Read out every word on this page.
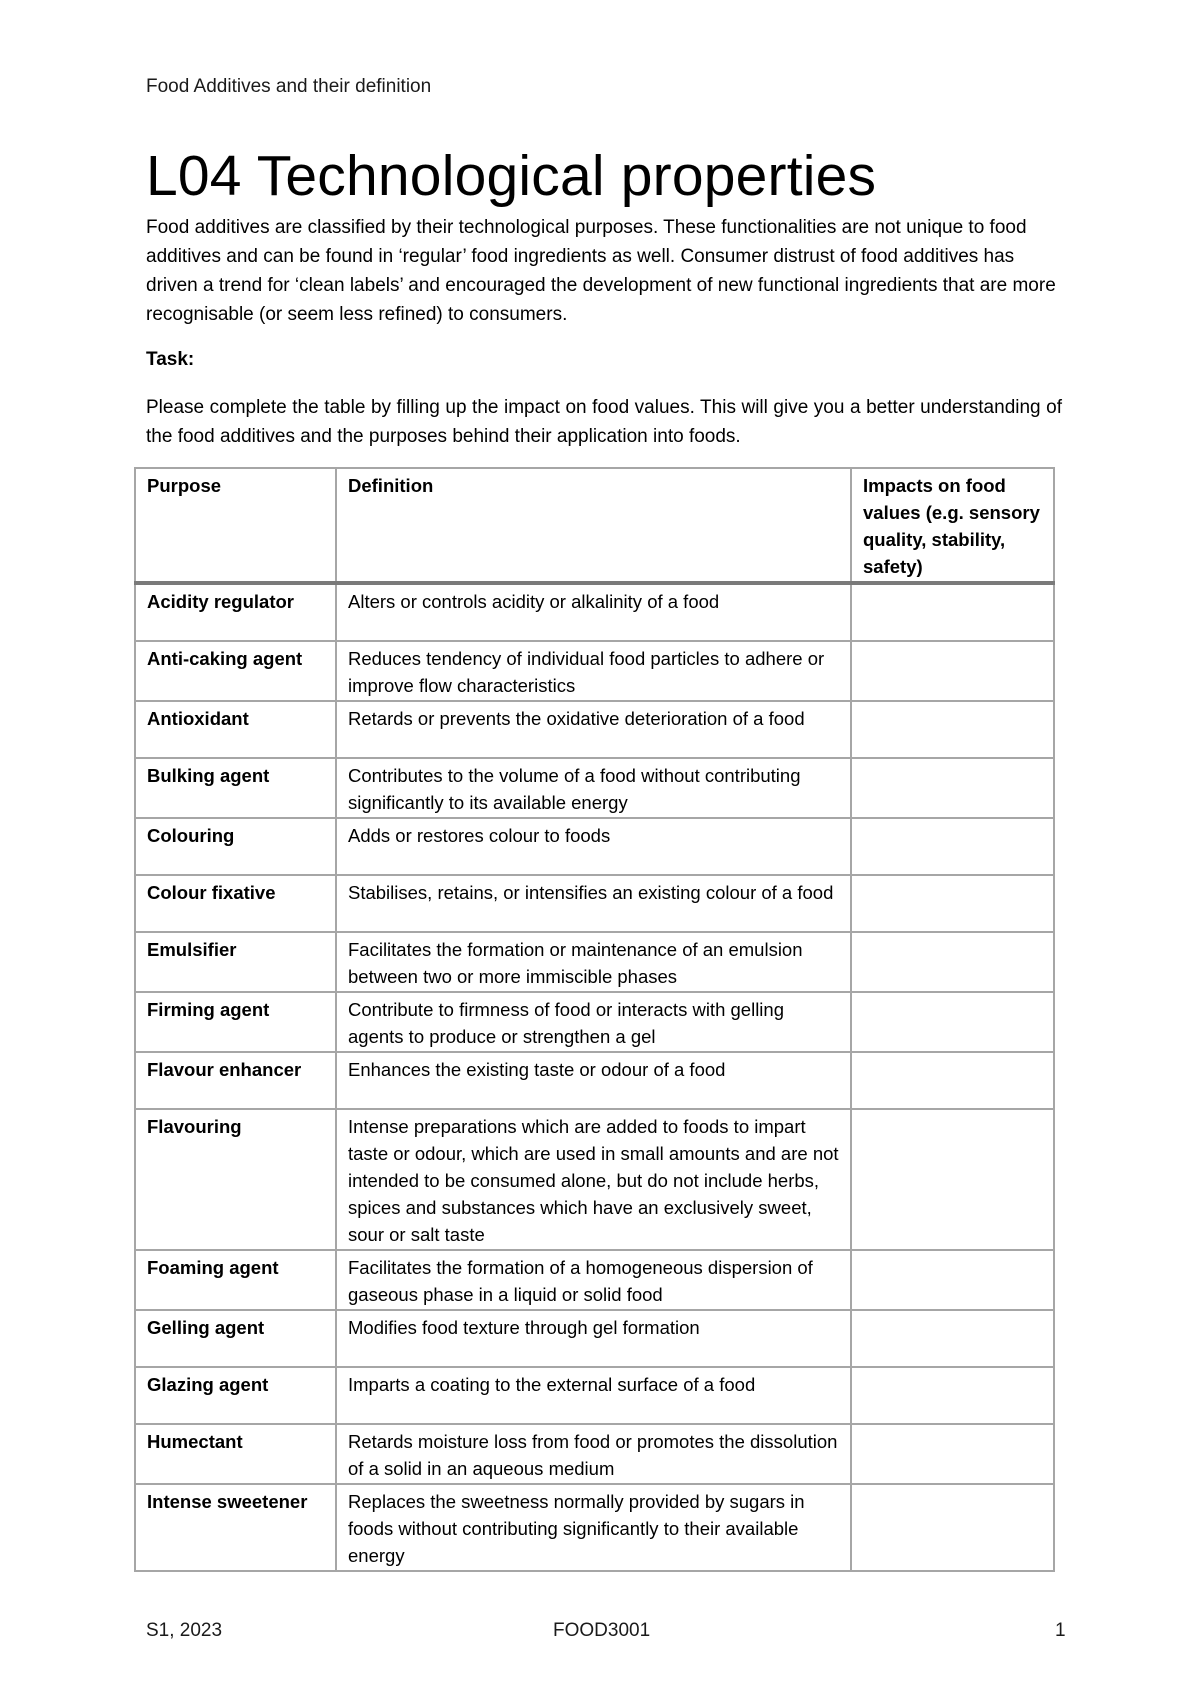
Food Additives and their definition
L04 Technological properties

Food additives are classified by their technological purposes. These functionalities are not unique to food additives and can be found in ‘regular’ food ingredients as well. Consumer distrust of food additives has driven a trend for ‘clean labels’ and encouraged the development of new functional ingredients that are more recognisable (or seem less refined) to consumers.

Task:

Please complete the table by filling up the impact on food values. This will give you a better understanding of the food additives and the purposes behind their application into foods.

Purpose	Definition	Impacts on food values (e.g. sensory quality, stability, safety)
Acidity regulator	Alters or controls acidity or alkalinity of a food	
Anti-caking agent	Reduces tendency of individual food particles to adhere or improve flow characteristics	
Antioxidant	Retards or prevents the oxidative deterioration of a food	
Bulking agent	Contributes to the volume of a food without contributing significantly to its available energy	
Colouring	Adds or restores colour to foods	
Colour fixative	Stabilises, retains, or intensifies an existing colour of a food	
Emulsifier	Facilitates the formation or maintenance of an emulsion between two or more immiscible phases	
Firming agent	Contribute to firmness of food or interacts with gelling agents to produce or strengthen a gel	
Flavour enhancer	Enhances the existing taste or odour of a food	
Flavouring	Intense preparations which are added to foods to impart taste or odour, which are used in small amounts and are not intended to be consumed alone, but do not include herbs, spices and substances which have an exclusively sweet, sour or salt taste	
Foaming agent	Facilitates the formation of a homogeneous dispersion of gaseous phase in a liquid or solid food	
Gelling agent	Modifies food texture through gel formation	
Glazing agent	Imparts a coating to the external surface of a food	
Humectant	Retards moisture loss from food or promotes the dissolution of a solid in an aqueous medium	
Intense sweetener	Replaces the sweetness normally provided by sugars in foods without contributing significantly to their available energy	
S1, 2023	FOOD3001	1
